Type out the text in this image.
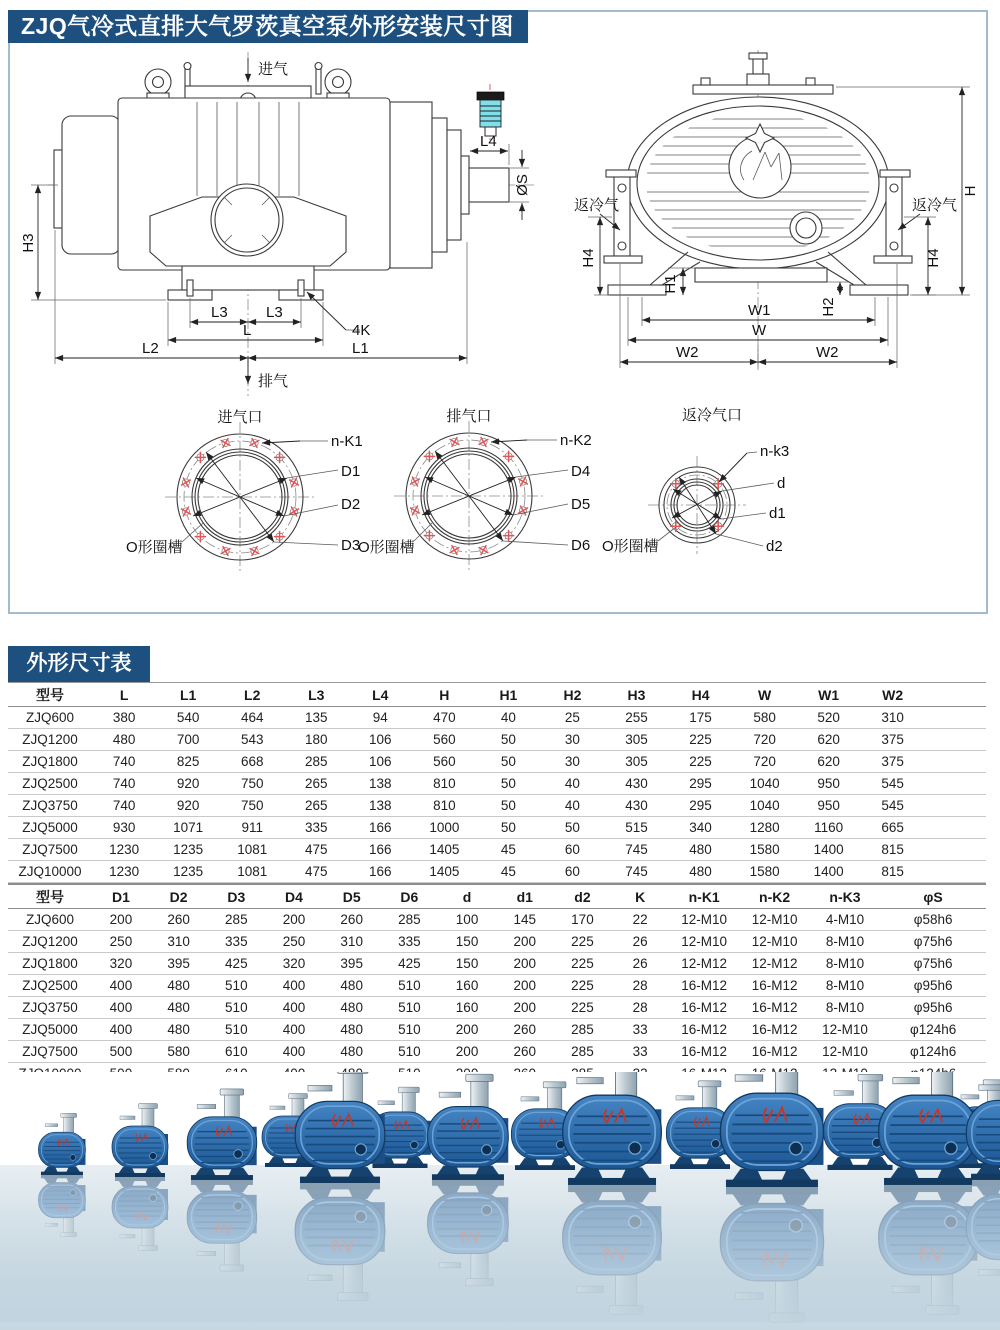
ZJQ气冷式直排大气罗茨真空泵外形安装尺寸图
进气
排气
L4
ØS
H3
L3	L3
L
L2	L1
4K
返冷气	返冷气
H
H4	H4
H1
H2
W1
W
W2	W2
进气口
n-K1
D1
D2
D3
O形圈槽
排气口
n-K2
D4
D5
D6
O形圈槽
返冷气口
n-k3
d
d1
d2
O形圈槽
外形尺寸表
型号	L	L1	L2	L3	L4	H	H1	H2	H3	H4	W	W1	W2	
ZJQ600	380	540	464	135	94	470	40	25	255	175	580	520	310	
ZJQ1200	480	700	543	180	106	560	50	30	305	225	720	620	375	
ZJQ1800	740	825	668	285	106	560	50	30	305	225	720	620	375	
ZJQ2500	740	920	750	265	138	810	50	40	430	295	1040	950	545	
ZJQ3750	740	920	750	265	138	810	50	40	430	295	1040	950	545	
ZJQ5000	930	1071	911	335	166	1000	50	50	515	340	1280	1160	665	
ZJQ7500	1230	1235	1081	475	166	1405	45	60	745	480	1580	1400	815	
ZJQ10000	1230	1235	1081	475	166	1405	45	60	745	480	1580	1400	815	
型号	D1	D2	D3	D4	D5	D6	d	d1	d2	K	n-K1	n-K2	n-K3	φS
ZJQ600	200	260	285	200	260	285	100	145	170	22	12-M10	12-M10	4-M10	φ58h6
ZJQ1200	250	310	335	250	310	335	150	200	225	26	12-M10	12-M10	8-M10	φ75h6
ZJQ1800	320	395	425	320	395	425	150	200	225	26	12-M12	12-M12	8-M10	φ75h6
ZJQ2500	400	480	510	400	480	510	160	200	225	28	16-M12	16-M12	8-M10	φ95h6
ZJQ3750	400	480	510	400	480	510	160	200	225	28	16-M12	16-M12	8-M10	φ95h6
ZJQ5000	400	480	510	400	480	510	200	260	285	33	16-M12	16-M12	12-M10	φ124h6
ZJQ7500	500	580	610	400	480	510	200	260	285	33	16-M12	16-M12	12-M10	φ124h6
